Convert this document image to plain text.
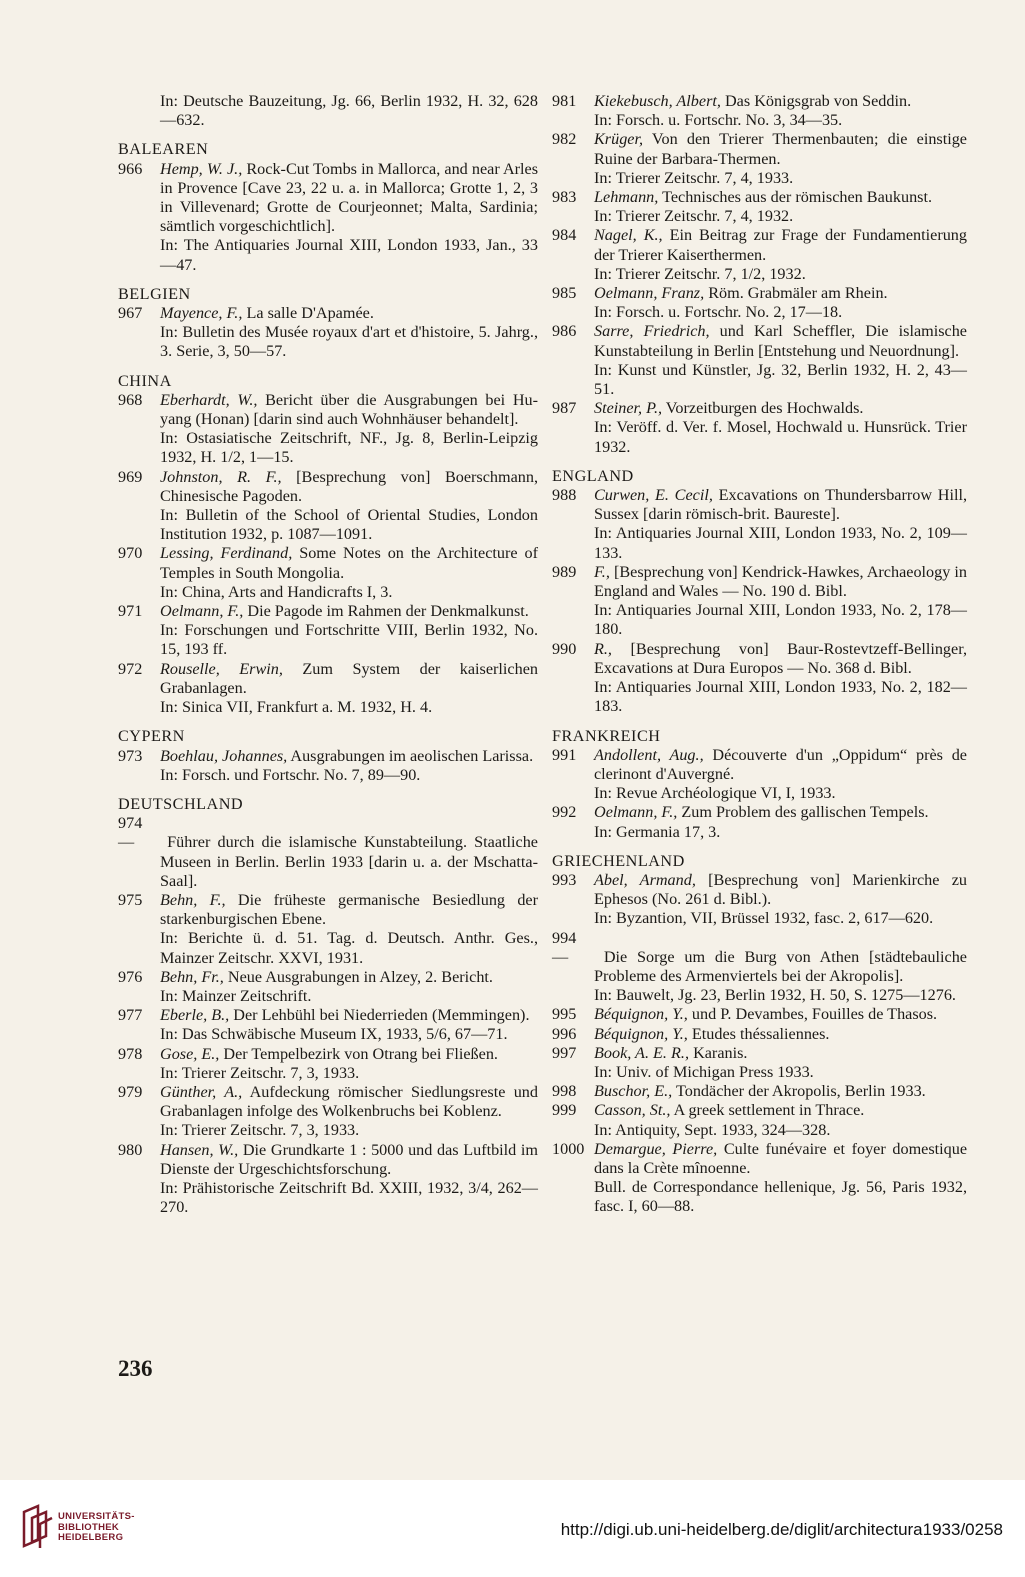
In: Deutsche Bauzeitung, Jg. 66, Berlin 1932, H. 32, 628—632.
BALEAREN
966 Hemp, W. J., Rock-Cut Tombs in Mallorca, and near Arles in Provence [Cave 23, 22 u. a. in Mallorca; Grotte 1, 2, 3 in Villevenard; Grotte de Courjeonnet; Malta, Sardinia; sämtlich vorgeschichtlich].
In: The Antiquaries Journal XIII, London 1933, Jan., 33—47.
BELGIEN
967 Mayence, F., La salle D'Apamée.
In: Bulletin des Musée royaux d'art et d'histoire, 5. Jahrg., 3. Serie, 3, 50—57.
CHINA
968 Eberhardt, W., Bericht über die Ausgrabungen bei Hu-yang (Honan) [darin sind auch Wohnhäuser behandelt].
In: Ostasiatische Zeitschrift, NF., Jg. 8, Berlin-Leipzig 1932, H. 1/2, 1—15.
969 Johnston, R. F., [Besprechung von] Boerschmann, Chinesische Pagoden.
In: Bulletin of the School of Oriental Studies, London Institution 1932, p. 1087—1091.
970 Lessing, Ferdinand, Some Notes on the Architecture of Temples in South Mongolia.
In: China, Arts and Handicrafts I, 3.
971 Oelmann, F., Die Pagode im Rahmen der Denkmalkunst.
In: Forschungen und Fortschritte VIII, Berlin 1932, No. 15, 193 ff.
972 Rouselle, Erwin, Zum System der kaiserlichen Grabanlagen.
In: Sinica VII, Frankfurt a. M. 1932, H. 4.
CYPERN
973 Boehlau, Johannes, Ausgrabungen im aeolischen Larissa.
In: Forsch. und Fortschr. No. 7, 89—90.
DEUTSCHLAND
974 — Führer durch die islamische Kunstabteilung. Staatliche Museen in Berlin. Berlin 1933 [darin u. a. der Mschatta-Saal].
975 Behn, F., Die früheste germanische Besiedlung der starkenburgischen Ebene.
In: Berichte ü. d. 51. Tag. d. Deutsch. Anthr. Ges., Mainzer Zeitschr. XXVI, 1931.
976 Behn, Fr., Neue Ausgrabungen in Alzey, 2. Bericht.
In: Mainzer Zeitschrift.
977 Eberle, B., Der Lehbühl bei Niederrieden (Memmingen).
In: Das Schwäbische Museum IX, 1933, 5/6, 67—71.
978 Gose, E., Der Tempelbezirk von Otrang bei Fließen.
In: Trierer Zeitschr. 7, 3, 1933.
979 Günther, A., Aufdeckung römischer Siedlungsreste und Grabanlagen infolge des Wolkenbruchs bei Koblenz.
In: Trierer Zeitschr. 7, 3, 1933.
980 Hansen, W., Die Grundkarte 1 : 5000 und das Luftbild im Dienste der Urgeschichtsforschung.
In: Prähistorische Zeitschrift Bd. XXIII, 1932, 3/4, 262—270.
981 Kiekebusch, Albert, Das Königsgrab von Seddin.
In: Forsch. u. Fortschr. No. 3, 34—35.
982 Krüger, Von den Trierer Thermenbauten; die einstige Ruine der Barbara-Thermen.
In: Trierer Zeitschr. 7, 4, 1933.
983 Lehmann, Technisches aus der römischen Baukunst.
In: Trierer Zeitschr. 7, 4, 1932.
984 Nagel, K., Ein Beitrag zur Frage der Fundamentierung der Trierer Kaiserthermen.
In: Trierer Zeitschr. 7, 1/2, 1932.
985 Oelmann, Franz, Röm. Grabmäler am Rhein.
In: Forsch. u. Fortschr. No. 2, 17—18.
986 Sarre, Friedrich, und Karl Scheffler, Die islamische Kunstabteilung in Berlin [Entstehung und Neuordnung].
In: Kunst und Künstler, Jg. 32, Berlin 1932, H. 2, 43—51.
987 Steiner, P., Vorzeitburgen des Hochwalds.
In: Veröff. d. Ver. f. Mosel, Hochwald u. Hunsrück. Trier 1932.
ENGLAND
988 Curwen, E. Cecil, Excavations on Thundersbarrow Hill, Sussex [darin römisch-brit. Baureste].
In: Antiquaries Journal XIII, London 1933, No. 2, 109—133.
989 F., [Besprechung von] Kendrick-Hawkes, Archaeology in England and Wales — No. 190 d. Bibl.
In: Antiquaries Journal XIII, London 1933, No. 2, 178—180.
990 R., [Besprechung von] Baur-Rostevtzeff-Bellinger, Excavations at Dura Europos — No. 368 d. Bibl.
In: Antiquaries Journal XIII, London 1933, No. 2, 182—183.
FRANKREICH
991 Andollent, Aug., Découverte d'un „Oppidum“ près de clerinont d'Auvergné.
In: Revue Archéologique VI, I, 1933.
992 Oelmann, F., Zum Problem des gallischen Tempels.
In: Germania 17, 3.
GRIECHENLAND
993 Abel, Armand, [Besprechung von] Marienkirche zu Ephesos (No. 261 d. Bibl.).
In: Byzantion, VII, Brüssel 1932, fasc. 2, 617—620.
994 — Die Sorge um die Burg von Athen [städtebauliche Probleme des Armenviertels bei der Akropolis].
In: Bauwelt, Jg. 23, Berlin 1932, H. 50, S. 1275—1276.
995 Béquignon, Y., und P. Devambes, Fouilles de Thasos.
996 Béquignon, Y., Etudes théssaliennes.
997 Book, A. E. R., Karanis.
In: Univ. of Michigan Press 1933.
998 Buschor, E., Tondächer der Akropolis, Berlin 1933.
999 Casson, St., A greek settlement in Thrace.
In: Antiquity, Sept. 1933, 324—328.
1000 Demargue, Pierre, Culte funévaire et foyer domestique dans la Crète mînoenne.
Bull. de Correspondance hellenique, Jg. 56, Paris 1932, fasc. I, 60—88.
236
UNIVERSITÄTS-
BIBLIOTHEK
HEIDELBERG	http://digi.ub.uni-heidelberg.de/diglit/architectura1933/0258
